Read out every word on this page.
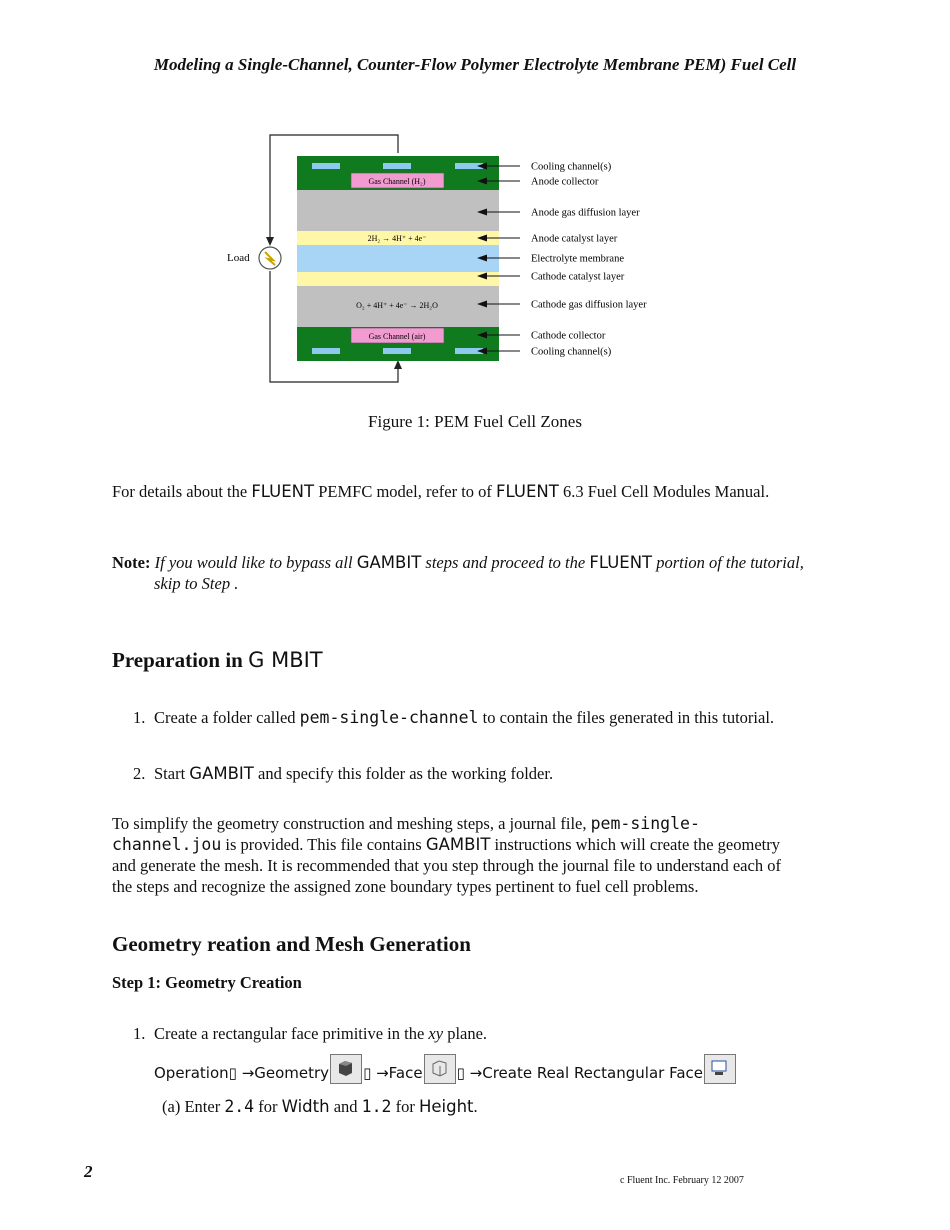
Modeling a Single-Channel, Counter-Flow Polymer Electrolyte Membrane PEM) Fuel Cell
Load
Gas Channel (H₂)
2H₂ → 4H⁺ + 4e⁻
O₂ + 4H⁺ + 4e⁻ → 2H₂O
Gas Channel (air)
Cooling channel(s)
Anode collector
Anode gas diffusion layer
Anode catalyst layer
Electrolyte membrane
Cathode catalyst layer
Cathode gas diffusion layer
Cathode collector
Cooling channel(s)
Figure 1: PEM Fuel Cell Zones
For details about the FLUENT PEMFC model, refer to of FLUENT 6.3 Fuel Cell Modules Manual.
Note: If you would like to bypass all GAMBIT steps and proceed to the FLUENT portion of the tutorial, skip to Step .
Preparation in G MBIT
1. Create a folder called pem-single-channel to contain the files generated in this tutorial.
2. Start GAMBIT and specify this folder as the working folder.
To simplify the geometry construction and meshing steps, a journal file, pem-single-channel.jou is provided. This file contains GAMBIT instructions which will create the geometry and generate the mesh. It is recommended that you step through the journal file to understand each of the steps and recognize the assigned zone boundary types pertinent to fuel cell problems.
Geometry reation and Mesh Generation
Step 1: Geometry Creation
1. Create a rectangular face primitive in the xy plane.
Operation▯ →Geometry ▯ →Face ▯ →Create Real Rectangular Face
(a) Enter 2.4 for Width and 1.2 for Height.
2	c Fluent Inc. February 12 2007
